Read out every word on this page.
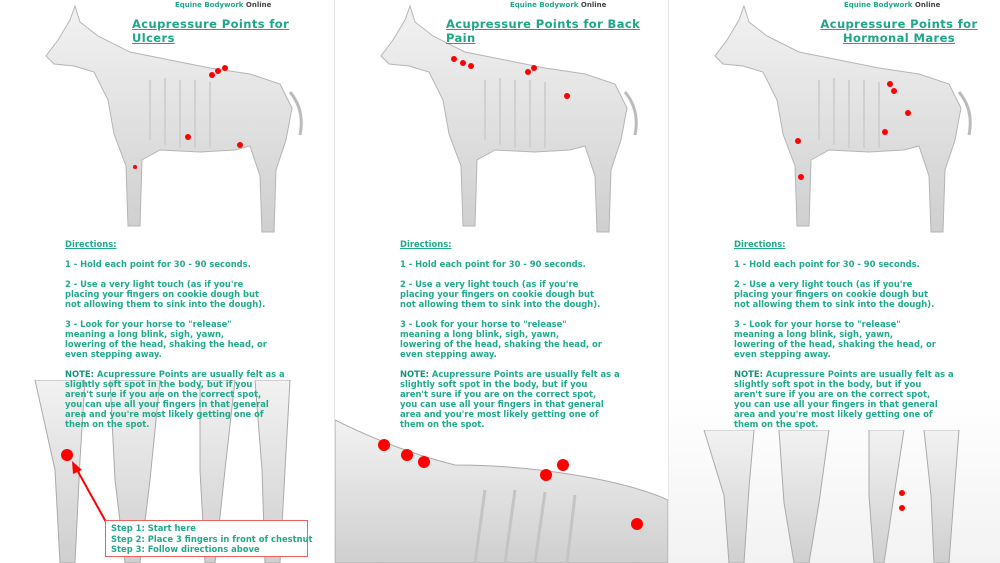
Equine Bodywork Online
Acupressure Points for Ulcers
Directions:

1 - Hold each point for 30 - 90 seconds.

2 - Use a very light touch (as if you're
placing your fingers on cookie dough but
not allowing them to sink into the dough).

3 - Look for your horse to "release"
meaning a long blink, sigh, yawn,
lowering of the head, shaking the head, or
even stepping away.

NOTE: Acupressure Points are usually felt as a
slightly soft spot in the body, but if you
aren't sure if you are on the correct spot,
you can use all your fingers in that general
area and you're most likely getting one of
them on the spot.

Step 1: Start here
Step 2: Place 3 fingers in front of chestnut
Step 3: Follow directions above
Equine Bodywork Online
Acupressure Points for Back Pain
Directions:

1 - Hold each point for 30 - 90 seconds.

2 - Use a very light touch (as if you're
placing your fingers on cookie dough but
not allowing them to sink into the dough).

3 - Look for your horse to "release"
meaning a long blink, sigh, yawn,
lowering of the head, shaking the head, or
even stepping away.

NOTE: Acupressure Points are usually felt as a
slightly soft spot in the body, but if you
aren't sure if you are on the correct spot,
you can use all your fingers in that general
area and you're most likely getting one of
them on the spot.

Equine Bodywork Online
Acupressure Points for Hormonal Mares
Directions:

1 - Hold each point for 30 - 90 seconds.

2 - Use a very light touch (as if you're
placing your fingers on cookie dough but
not allowing them to sink into the dough).

3 - Look for your horse to "release"
meaning a long blink, sigh, yawn,
lowering of the head, shaking the head, or
even stepping away.

NOTE: Acupressure Points are usually felt as a
slightly soft spot in the body, but if you
aren't sure if you are on the correct spot,
you can use all your fingers in that general
area and you're most likely getting one of
them on the spot.
